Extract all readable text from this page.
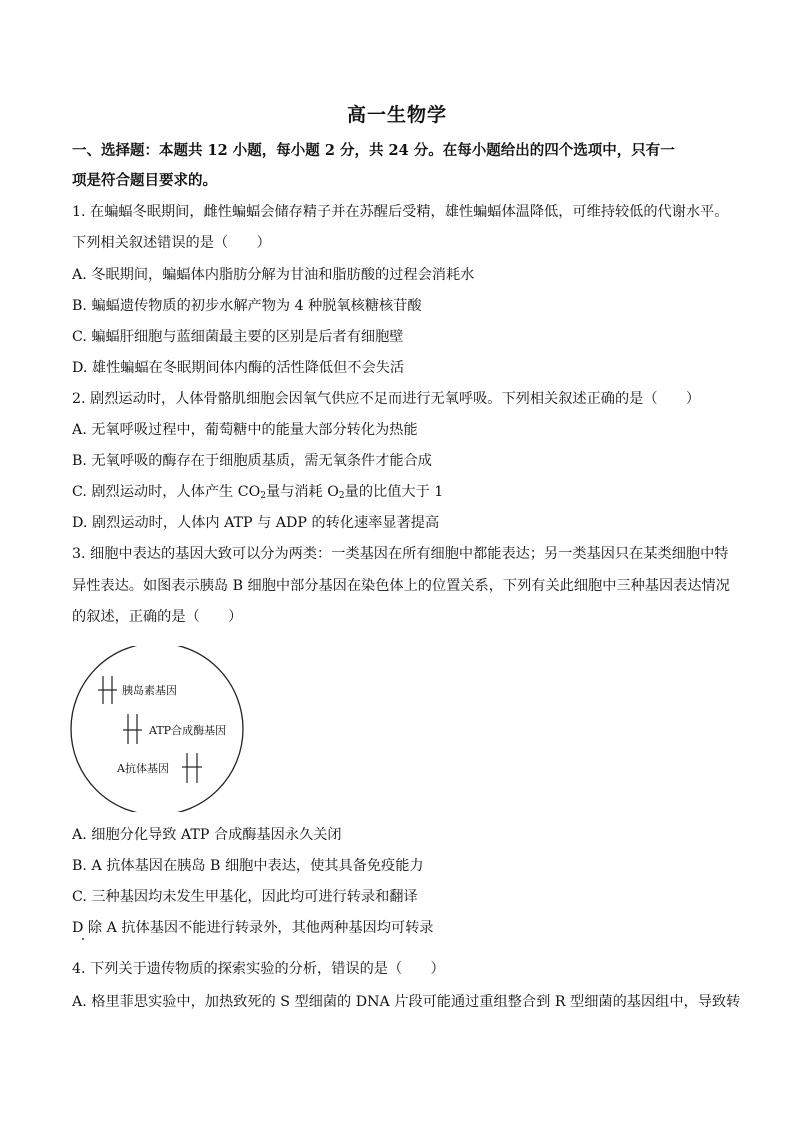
高一生物学
一、选择题：本题共 12 小题，每小题 2 分，共 24 分。在每小题给出的四个选项中，只有一
项是符合题目要求的。
1. 在蝙蝠冬眠期间，雌性蝙蝠会储存精子并在苏醒后受精，雄性蝙蝠体温降低，可维持较低的代谢水平。
下列相关叙述错误的是（　　）
A. 冬眠期间，蝙蝠体内脂肪分解为甘油和脂肪酸的过程会消耗水
B. 蝙蝠遗传物质的初步水解产物为 4 种脱氧核糖核苷酸
C. 蝙蝠肝细胞与蓝细菌最主要的区别是后者有细胞壁
D. 雄性蝙蝠在冬眠期间体内酶的活性降低但不会失活
2. 剧烈运动时，人体骨骼肌细胞会因氧气供应不足而进行无氧呼吸。下列相关叙述正确的是（　　）
A. 无氧呼吸过程中，葡萄糖中的能量大部分转化为热能
B. 无氧呼吸的酶存在于细胞质基质，需无氧条件才能合成
C. 剧烈运动时，人体产生 $CO_2$量与消耗 $O_2$量的比值大于 1
D. 剧烈运动时，人体内 ATP 与 ADP 的转化速率显著提高
3. 细胞中表达的基因大致可以分为两类：一类基因在所有细胞中都能表达；另一类基因只在某类细胞中特
异性表达。如图表示胰岛 B 细胞中部分基因在染色体上的位置关系，下列有关此细胞中三种基因表达情况
的叙述，正确的是（　　）
胰岛素基因
ATP合成酶基因
A抗体基因
A. 细胞分化导致 ATP 合成酶基因永久关闭
B. A 抗体基因在胰岛 B 细胞中表达，使其具备免疫能力
C. 三种基因均未发生甲基化，因此均可进行转录和翻译
D 除 A 抗体基因不能进行转录外，其他两种基因均可转录
4. 下列关于遗传物质的探索实验的分析，错误的是（　　）
A. 格里菲思实验中，加热致死的 S 型细菌的 DNA 片段可能通过重组整合到 R 型细菌的基因组中，导致转
